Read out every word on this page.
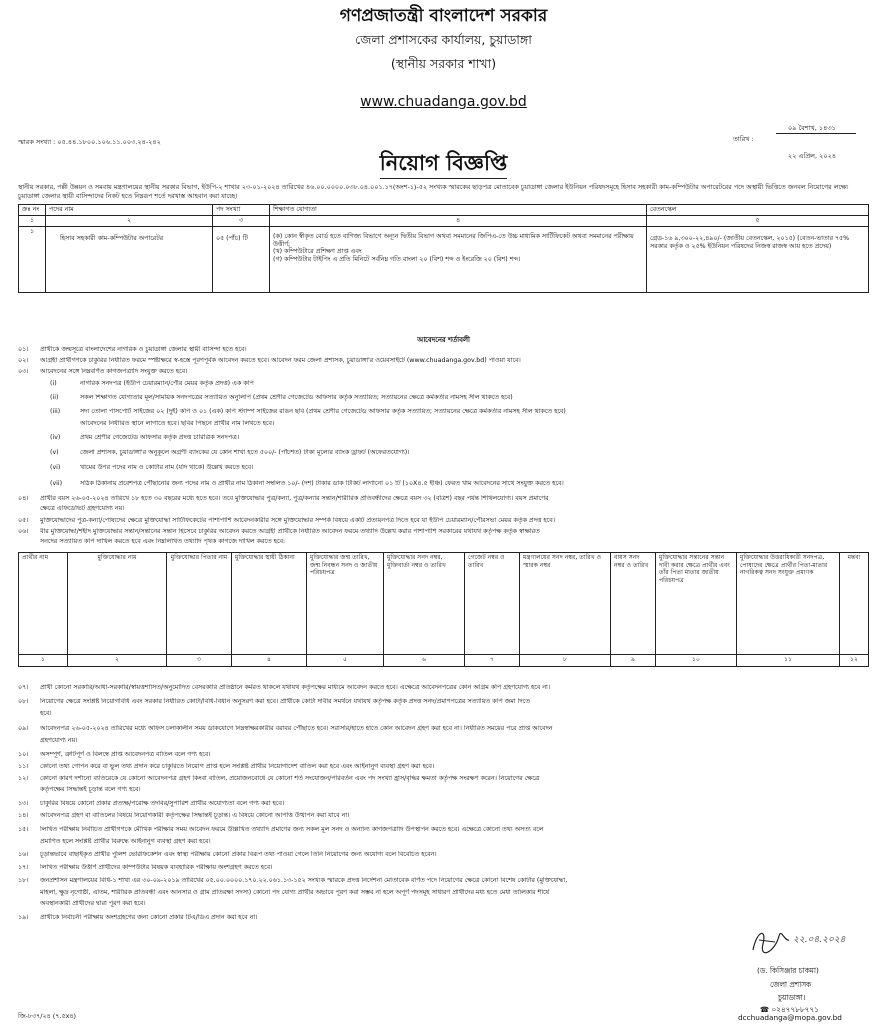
গণপ্রজাতন্ত্রী বাংলাদেশ সরকার
জেলা প্রশাসকের কার্যালয়, চুয়াডাঙ্গা
(স্থানীয় সরকার শাখা)
www.chuadanga.gov.bd
স্মারক সংখ্যা : ০৫.৪৪.১৮০০.১০৬.১১.০০৩.২৪-২৪২
০৯ বৈশাখ, ১৪৩১
তারিখ :
২২ এপ্রিল, ২০২৪
নিয়োগ বিজ্ঞপ্তি
স্থানীয় সরকার, পল্লী উন্নয়ন ও সমবায় মন্ত্রণালয়ের স্থানীয় সরকার বিভাগ, ইউপি-২ শাখার ২৩-০১-২০২৪ তারিখের ৪৬.০০.০০০০.০৩৮.০৪.০০১.১৭(অংশ-১)-৫২ সংখ্যক স্মারকের ছাড়পত্র মোতাবেক চুয়াডাঙ্গা জেলার ইউনিয়ন পরিষদসমূহে হিসাব সহকারী কাম-কম্পিউটার অপারেটরের পদে অস্থায়ী ভিত্তিতে জনবল নিয়োগের লক্ষ্যে চুয়াডাঙ্গা জেলার স্থায়ী বাসিন্দাদের নিকট হতে নিম্নরূপ শর্তে দরখাস্ত আহবান করা যাচ্ছে।
ক্রঃ নং	পদের নাম	পদ সংখ্যা	শিক্ষাগত যোগ্যতা	বেতনস্কেল
১	২	৩	৪	৫
১	হিসাব সহকারী কাম-কম্পিউটার অপারেটর	০৫ (পাঁচ) টি	(ক) কোন স্বীকৃত বোর্ড হতে বাণিজ্য বিভাগে অন্যূন দ্বিতীয় বিভাগ অথবা সমমানের জিপিএ-তে উচ্চ মাধ্যমিক সার্টিফিকেট অথবা সমমানের পরীক্ষায় উত্তীর্ণ;
(খ) কম্পিউটারে প্রশিক্ষণ প্রাপ্ত এবং
(গ) কম্পিউটার টাইপিং এ প্রতি মিনিটে সর্বনিম্ন গতি বাংলা ২০ (বিশ) শব্দ ও ইংরেজি ২০ (বিশ) শব্দ।	গ্রেড-১৬ ৯,৩০০-২২,৪৯০/- (জাতীয় বেতনস্কেল, ২০১৫) (বেতন-ভাতার ৭৫% সরকার কর্তৃক ও ২৫% ইউনিয়ন পরিষদের নিজস্ব রাজস্ব আয় হতে প্রদেয়)
আবেদনের শর্তাবলী
০১। প্রার্থীকে জন্মসূত্রে বাংলাদেশের নাগরিক ও চুয়াডাঙ্গা জেলার স্থায়ী বাসিন্দা হতে হবে।
০২। আগ্রহী প্রার্থীগণকে চাকুরির নির্ধারিত ফরমে স্পষ্টাক্ষরে স্ব-হস্তে পূরণপূর্বক আবেদন করতে হবে। আবেদন ফরম জেলা প্রশাসক, চুয়াডাঙ্গা'র ওয়েবসাইটে (www.chuadanga.gov.bd) পাওয়া যাবে।
০৩। আবেদনের সঙ্গে নিম্নবর্ণিত কাগজপত্রাদি সংযুক্ত করতে হবে।
(i)	নাগরিক সনদপত্র (ইউপি চেয়ারম্যান/পৌর মেয়র কর্তৃক প্রদত্ত) এক কপি
(ii)	সকল শিক্ষাগত যোগ্যতার মূল/সাময়িক সনদপত্রের সত্যায়িত অনুলিপি (প্রথম শ্রেণীর গেজেটেড অফিসার কর্তৃক সত্যায়িত; সত্যায়নের ক্ষেত্রে কর্মকর্তার নামসহ সীল থাকতে হবে)
(iii)	সদ্য তোলা পাসপোর্ট সাইজের ০২ (দুই) কপি ও ০১ (এক) কপি স্ট্যাম্প সাইজের রঙিন ছবি (প্রথম শ্রেণীর গেজেটেড অফিসার কর্তৃক সত্যায়িত; সত্যায়নের ক্ষেত্রে কর্মকর্তার নামসহ সীল থাকতে হবে)
আবেদনের নির্ধারিত স্থানে লাগাতে হবে। ছবির পিছনে প্রার্থীর নাম লিখতে হবে।
(iv)	প্রথম শ্রেণীর গেজেটেড অফিসার কর্তৃক প্রদত্ত চারিত্রিক সনদপত্র।
(v)	জেলা প্রশাসক, চুয়াডাঙ্গা'র অনুকূলে অগ্রণী ব্যাংকের যে কোন শাখা হতে ৫০০/- (পাঁচশত) টাকা মূল্যের ব্যাংক ড্রাফট (অফেরতযোগ্য)।
(vi)	খামের উপর পদের নাম ও কোটার নাম (যদি থাকে) উল্লেখ করতে হবে।
(vii)	সঠিক ঠিকানায় প্রবেশপত্র পৌঁছানোর জন্য পদের নাম ও প্রার্থীর নাম ঠিকানা সম্বলিত ১০/- (দশ) টাকার ডাক টিকিট লাগানো ০১ টি (১০X৪.৫ ইঞ্চি) ফেরত খাম আবেদনের সাথে সংযুক্ত করতে হবে।
০৪। প্রার্থীর বয়স ২৬-০৫-২০২৪ তারিখে ১৮ হতে ৩০ বছরের মধ্যে হতে হবে। তবে মুক্তিযোদ্ধার পুত্র/কন্যা, পুত্র/কন্যার সন্তান/শারীরিক প্রতিবন্ধীদের ক্ষেত্রে বয়স ৩২ (বত্রিশ) বছর পর্যন্ত শিথিলযোগ্য। বয়স প্রমাণের
ক্ষেত্রে এফিডেভিট গ্রহণযোগ্য নয়।
০৫। মুক্তিযোদ্ধাদের পুত্র-কন্যা/পোষ্যদের ক্ষেত্রে মুক্তিযোদ্ধা সার্টিফিকেটের পাশাপাশি আবেদনকারীর সঙ্গে মুক্তিযোদ্ধার সম্পর্ক বিষয়ে একটি প্রত্যয়নপত্র দিতে হবে যা ইউপি চেয়ারম্যান/পৌরসভা মেয়র কর্তৃক প্রদত্ত হবে।
০৬। বীর মুক্তিযোদ্ধা/শহীদ মুক্তিযোদ্ধার সন্তান/সন্তানের সন্তান হিসেবে চাকুরির আবেদন করতে আগ্রহী প্রার্থীকে নির্ধারিত আবেদন ফরমে তথ্যাদি উল্লেখ করার পাশাপাশি সরকারের যথাযথ কর্তৃপক্ষ কর্তৃক স্বাক্ষরিত
সনদের সত্যায়িত কপি দাখিল করতে হবে এবং নিম্নলিখিত তথ্যাদি পৃথক কাগজে দাখিল করতে হবে:
প্রার্থীর নাম	মুক্তিযোদ্ধার নাম	মুক্তিযোদ্ধার পিতার নাম	মুক্তিযোদ্ধার স্থায়ী ঠিকানা	মুক্তিযোদ্ধার জন্ম তারিখ, জন্ম নিবন্ধন সনদ ও জাতীয় পরিচয়পত্র	মুক্তিযোদ্ধার সনদ নম্বর, মুক্তিবার্তা নম্বর ও তারিখ	গেজেট নম্বর ও তারিখ	মন্ত্রণালয়ের সনদ নম্বর, তারিখ ও স্মারক নম্বর	বায়স সনদ নম্বর ও তারিখ	মুক্তিযোদ্ধার সন্তানের সন্তান দাবী করার ক্ষেত্রে প্রার্থীর এবং তাঁর পিতা মাতার জাতীয় পরিচয়পত্র	মুক্তিযোদ্ধার উত্তরাধিকারী সনদপত্র, পোষ্যদের ক্ষেত্রে প্রার্থীর পিতা-মাতার নাগরিকত্ব সনদ সংযুক্ত প্রমাণক	মন্তব্য
১	২	৩	৪	৫	৬	৭	৮	৯	১০	১১	১২
০৭। প্রার্থী কোনো সরকারি/আধা-সরকারি/স্বায়ত্তশাসিত/অনুমোদিত বেসরকারি প্রতিষ্ঠানে কর্মরত থাকলে যথাযথ কর্তৃপক্ষের মাধ্যমে আবেদন করতে হবে। এক্ষেত্রে আবেদনপত্রের কোন অগ্রিম কপি গ্রহণযোগ্য হবে না।
০৮। নিয়োগের ক্ষেত্রে সংশ্লিষ্ট নিয়োগবিধি এবং সরকার নির্ধারিত কোটা/বিধি-বিধান অনুসরণ করা হবে। প্রার্থীকে কোটা দাবীর সমর্থনে যথাযথ কর্তৃপক্ষ কর্তৃক প্রদত্ত সনদ/প্রমাণপত্রের সত্যায়িত কপি জমা দিতে
হবে।
০৯। আবেদনপত্র ২৬-০৫-২০২৪ তারিখের মধ্যে অফিস চলাকালীন সময় ডাকযোগে নিম্নস্বাক্ষরকারীর বরাবর পৌঁছাতে হবে। সরাসরি/হাতে হাতে কোন আবেদন গ্রহণ করা হবে না। নির্ধারিত সময়ের পরে প্রাপ্ত আবেদন
গ্রহণযোগ্য নয়।
১০। অসম্পূর্ণ, ত্রুটিপূর্ণ ও বিলম্বে প্রাপ্ত আবেদনপত্র বাতিল বলে গণ্য হবে।
১১। কোনো তথ্য গোপন করে বা ভুল তথ্য প্রদান করে চাকুরিতে নিয়োগ প্রাপ্ত হলে সংশ্লিষ্ট প্রার্থীর নিয়োগাদেশ বাতিল করা হবে এবং আইনানুগ ব্যবস্থা গ্রহণ করা হবে।
১২। কোনো কারণ দর্শানো ব্যতিরেকে যে কোনো আবেদনপত্র গ্রহণ কিংবা বাতিল, প্রয়োজনবোধে যে কোনো শর্ত সংযোজন/পরিবর্তন এবং পদ সংখ্যা হ্রাস/বৃদ্ধির ক্ষমতা কর্তৃপক্ষ সংরক্ষণ করেন। নিয়োগের ক্ষেত্রে
কর্তৃপক্ষের সিদ্ধান্তই চূড়ান্ত বলে গণ্য হবে।
১৩। চাকুরির বিষয়ে কোনো প্রকার প্রত্যক্ষ/পরোক্ষ তদবির/সুপারিশ প্রার্থীর অযোগ্যতা বলে গণ্য করা হবে।
১৪। আবেদনপত্র গ্রহণ বা বাতিলের বিষয়ে নিয়োগকারী কর্তৃপক্ষের সিদ্ধান্তই চূড়ান্ত। এ বিষয়ে কোনো আপত্তি উত্থাপন করা যাবে না।
১৫। লিখিত পরীক্ষায় নির্বাচিত প্রার্থীগণকে মৌখিক পরীক্ষার সময় আবেদন ফরমে উল্লিখিত তথ্যাদি প্রমাণের জন্য সকল মূল সনদ ও অন্যান্য কাগজপত্রাদি উপস্থাপন করতে হবে। এক্ষেত্রে কোনো তথ্য অসত্য বলে
প্রমাণিত হলে সংশ্লিষ্ট প্রার্থীর বিরুদ্ধে আইনানুগ ব্যবস্থা গ্রহণ করা হবে।
১৬। চূড়ান্তভাবে বাছাইকৃত প্রার্থীর পুলিশ ভেরিফিকেশন এবং স্বাস্থ্য পরীক্ষায় কোনো প্রকার বিরূপ তথ্য পাওয়া গেলে তিনি নিয়োগের জন্য অযোগ্য বলে বিবেচিত হবেন।
১৭। লিখিত পরীক্ষায় উত্তীর্ণ প্রার্থীদের কম্পিউটার বিষয়ক ব্যবহারিক পরীক্ষায় অংশগ্রহণ করতে হবে।
১৮। জনপ্রশাসন মন্ত্রণালয়ের বিধি-১ শাখা এর ৩০-০৯-২০১৯ তারিখের ০৫.০০.০০০০.১৭০.২২.০৬১.১৩-১৫২ সংখ্যক স্মারকে প্রদত্ত নির্দেশনা মোতাবেক বর্ণিত পদে নিয়োগের ক্ষেত্রে কোনো বিশেষ কোটার (মুক্তিযোদ্ধা,
মহিলা, ক্ষুদ্র নৃগোষ্ঠী, এতিম, শারীরিক প্রতিবন্ধী এবং আনসার ও গ্রাম প্রতিরক্ষা সদস্য) কোনো পদ যোগ্য প্রার্থীর অভাবে পূরণ করা সম্ভব না হলে অপূর্ণ পদসমূহ সাধারণ প্রার্থীদের মধ্য হতে মেধা তালিকার শীর্ষে
অবস্থানকারী প্রার্থীদের দ্বারা পূরণ করা হবে।
১৯। প্রার্থীকে নির্বাচনী পরীক্ষায় অংশগ্রহণের জন্য কোনো প্রকার টিএ/ডিএ প্রদান করা হবে না।
২২.০৪.২০২৪
(ড. কিসিঞ্জার চাকমা)
জেলা প্রশাসক
চুয়াডাঙ্গা।
☎ ০২৪৭৭৮৮৭৭১
dcchuadanga@mopa.gov.bd
জি-৮৩৭/২৪ (৭.৫x৪)
